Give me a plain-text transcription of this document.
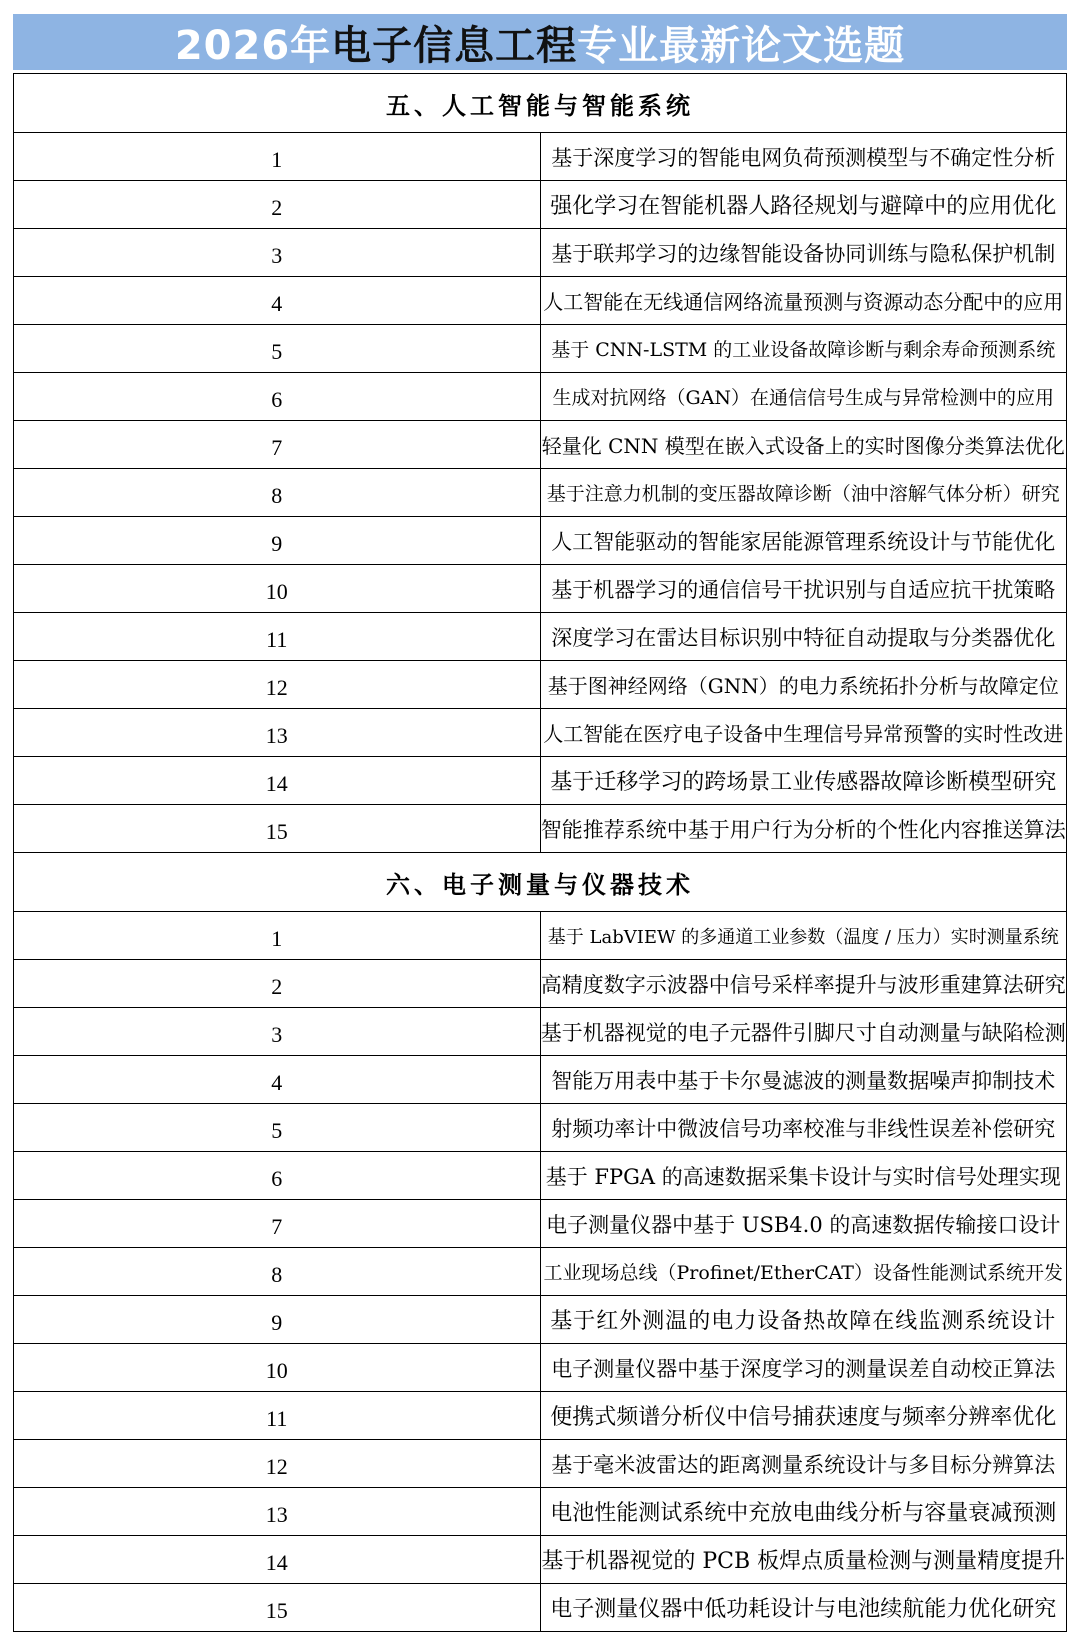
2026年 电子信息工程 专业最新论文选题
五、人工智能与智能系统	
1	基于深度学习的智能电网负荷预测模型与不确定性分析
2	强化学习在智能机器人路径规划与避障中的应用优化
3	基于联邦学习的边缘智能设备协同训练与隐私保护机制
4	人工智能在无线通信网络流量预测与资源动态分配中的应用
5	基于 CNN-LSTM 的工业设备故障诊断与剩余寿命预测系统
6	生成对抗网络（GAN）在通信信号生成与异常检测中的应用
7	轻量化 CNN 模型在嵌入式设备上的实时图像分类算法优化
8	基于注意力机制的变压器故障诊断（油中溶解气体分析）研究
9	人工智能驱动的智能家居能源管理系统设计与节能优化
10	基于机器学习的通信信号干扰识别与自适应抗干扰策略
11	深度学习在雷达目标识别中特征自动提取与分类器优化
12	基于图神经网络（GNN）的电力系统拓扑分析与故障定位
13	人工智能在医疗电子设备中生理信号异常预警的实时性改进
14	基于迁移学习的跨场景工业传感器故障诊断模型研究
15	智能推荐系统中基于用户行为分析的个性化内容推送算法
六、电子测量与仪器技术	
1	基于 LabVIEW 的多通道工业参数（温度 / 压力）实时测量系统
2	高精度数字示波器中信号采样率提升与波形重建算法研究
3	基于机器视觉的电子元器件引脚尺寸自动测量与缺陷检测
4	智能万用表中基于卡尔曼滤波的测量数据噪声抑制技术
5	射频功率计中微波信号功率校准与非线性误差补偿研究
6	基于 FPGA 的高速数据采集卡设计与实时信号处理实现
7	电子测量仪器中基于 USB4.0 的高速数据传输接口设计
8	工业现场总线（Profinet/EtherCAT）设备性能测试系统开发
9	基于红外测温的电力设备热故障在线监测系统设计
10	电子测量仪器中基于深度学习的测量误差自动校正算法
11	便携式频谱分析仪中信号捕获速度与频率分辨率优化
12	基于毫米波雷达的距离测量系统设计与多目标分辨算法
13	电池性能测试系统中充放电曲线分析与容量衰减预测
14	基于机器视觉的 PCB 板焊点质量检测与测量精度提升
15	电子测量仪器中低功耗设计与电池续航能力优化研究
